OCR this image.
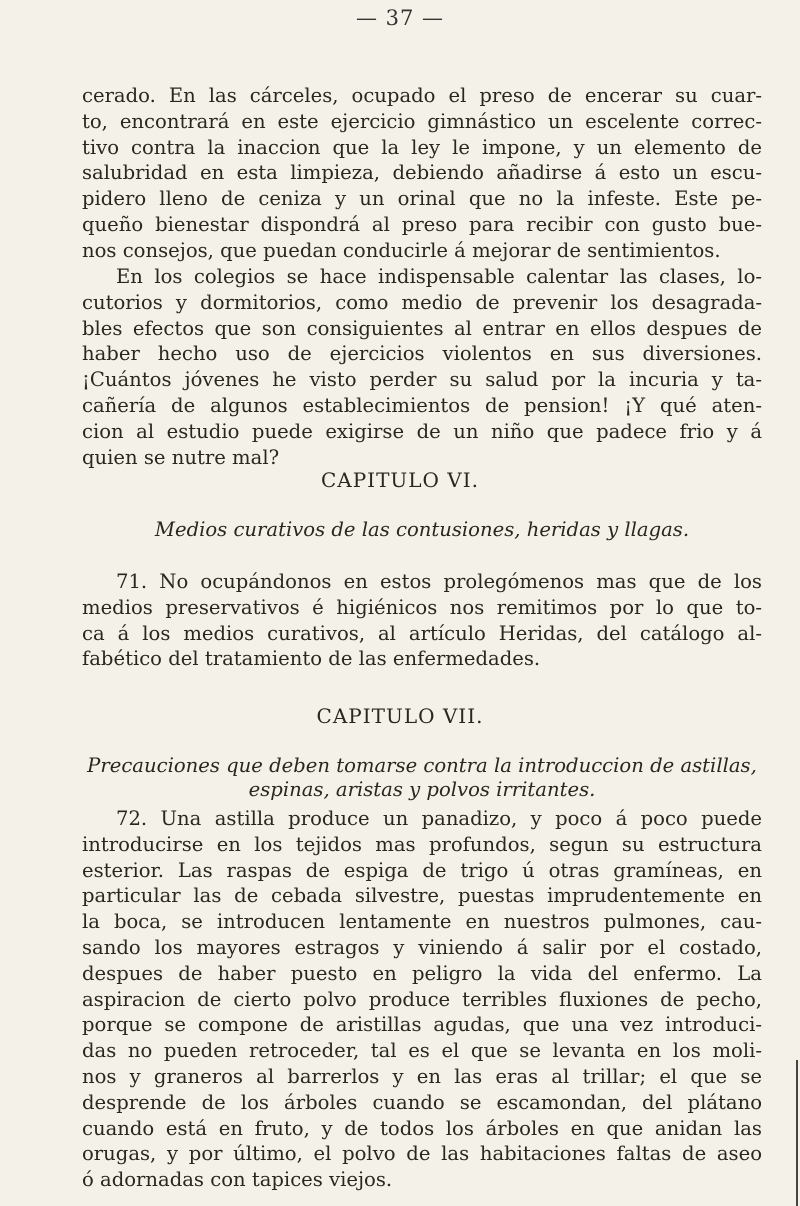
— 37 —
cerado. En las cárceles, ocupado el preso de encerar su cuar-
to, encontrará en este ejercicio gimnástico un escelente correc-
tivo contra la inaccion que la ley le impone, y un elemento de
salubridad en esta limpieza, debiendo añadirse á esto un escu-
pidero lleno de ceniza y un orinal que no la infeste. Este pe-
queño bienestar dispondrá al preso para recibir con gusto bue-
nos consejos, que puedan conducirle á mejorar de sentimientos.
En los colegios se hace indispensable calentar las clases, lo-
cutorios y dormitorios, como medio de prevenir los desagrada-
bles efectos que son consiguientes al entrar en ellos despues de
haber hecho uso de ejercicios violentos en sus diversiones.
¡Cuántos jóvenes he visto perder su salud por la incuria y ta-
cañería de algunos establecimientos de pension! ¡Y qué aten-
cion al estudio puede exigirse de un niño que padece frio y á
quien se nutre mal?
CAPITULO VI.
Medios curativos de las contusiones, heridas y llagas.
71. No ocupándonos en estos prolegómenos mas que de los
medios preservativos é higiénicos nos remitimos por lo que to-
ca á los medios curativos, al artículo Heridas, del catálogo al-
fabético del tratamiento de las enfermedades.
CAPITULO VII.
Precauciones que deben tomarse contra la introduccion de astillas,
espinas, aristas y polvos irritantes.
72. Una astilla produce un panadizo, y poco á poco puede
introducirse en los tejidos mas profundos, segun su estructura
esterior. Las raspas de espiga de trigo ú otras gramíneas, en
particular las de cebada silvestre, puestas imprudentemente en
la boca, se introducen lentamente en nuestros pulmones, cau-
sando los mayores estragos y viniendo á salir por el costado,
despues de haber puesto en peligro la vida del enfermo. La
aspiracion de cierto polvo produce terribles fluxiones de pecho,
porque se compone de aristillas agudas, que una vez introduci-
das no pueden retroceder, tal es el que se levanta en los moli-
nos y graneros al barrerlos y en las eras al trillar; el que se
desprende de los árboles cuando se escamondan, del plátano
cuando está en fruto, y de todos los árboles en que anidan las
orugas, y por último, el polvo de las habitaciones faltas de aseo
ó adornadas con tapices viejos.
